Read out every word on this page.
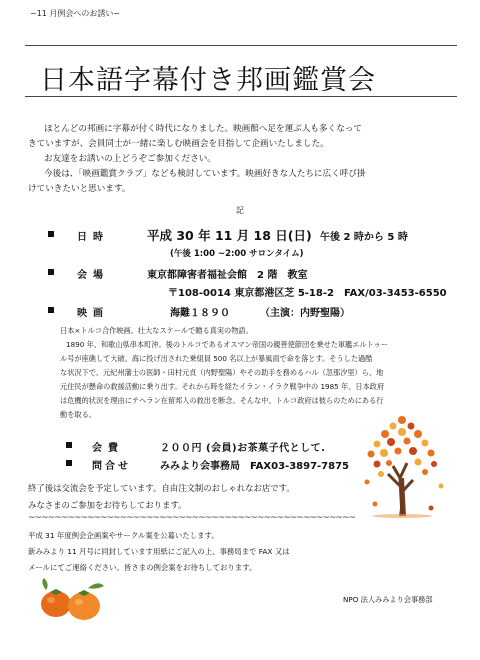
~11 月例会へのお誘い~
日本語字幕付き邦画鑑賞会
ほとんどの邦画に字幕が付く時代になりました。映画館へ足を運ぶ人も多くなって
きていますが、会員同士が一緒に楽しむ映画会を目指して企画いたしました。
お友達をお誘いの上どうぞご参加ください。
今後は、「映画鑑賞クラブ」なども検討しています。映画好きな人たちに広く呼び掛
けていきたいと思います。
記
日時	平成 30 年 11 月 18 日(日) 午後 2 時から 5 時
(午後 1:00 ~2:00 サロンタイム)
会場	東京都障害者福祉会館　2 階　教室
〒108-0014 東京都港区芝 5-18-2　FAX/03-3453-6550
映画	海難１８９０	（主演：内野聖陽）
日本×トルコ合作映画。壮大なスケールで贈る真実の物語。
1890 年、和歌山県串本町沖。後のトルコであるオスマン帝国の親善使節団を乗せた軍艦エルトゥー
ル号が座礁して大破。海に投げ出された乗組員 500 名以上が暴風雨で命を落とす。そうした過酷
な状況下で、元紀州藩士の医師・田村元貞（内野聖陽）やその助手を務めるハル（忽那汐里）ら、地
元住民が懸命の救援活動に乗り出す。それから時を経たイラン・イラク戦争中の 1985 年、日本政府
は危機的状況を理由にテヘラン在留邦人の救出を断念。そんな中、トルコ政府は彼らのためにある行
動を取る。
会費	２００円 (会員)お茶菓子代として.
問合せ	みみより会事務局　FAX03-3897-7875
終了後は交流会を予定しています。自由注文制のおしゃれなお店です。
みなさまのご参加をお待ちしております。
~~~~~~~~~~~~~~~~~~~~~~~~~~~~~~~~~~~~~~~~~~~~~~~~~~
平成 31 年度例会企画案やサークル案を公募いたします。
新みみより 11 月号に同封しています用紙にご記入の上、事務局まで FAX 又は
メールにてご連絡ください。皆さまの例会案をお待ちしております。
NPO 法人みみより会事務部
